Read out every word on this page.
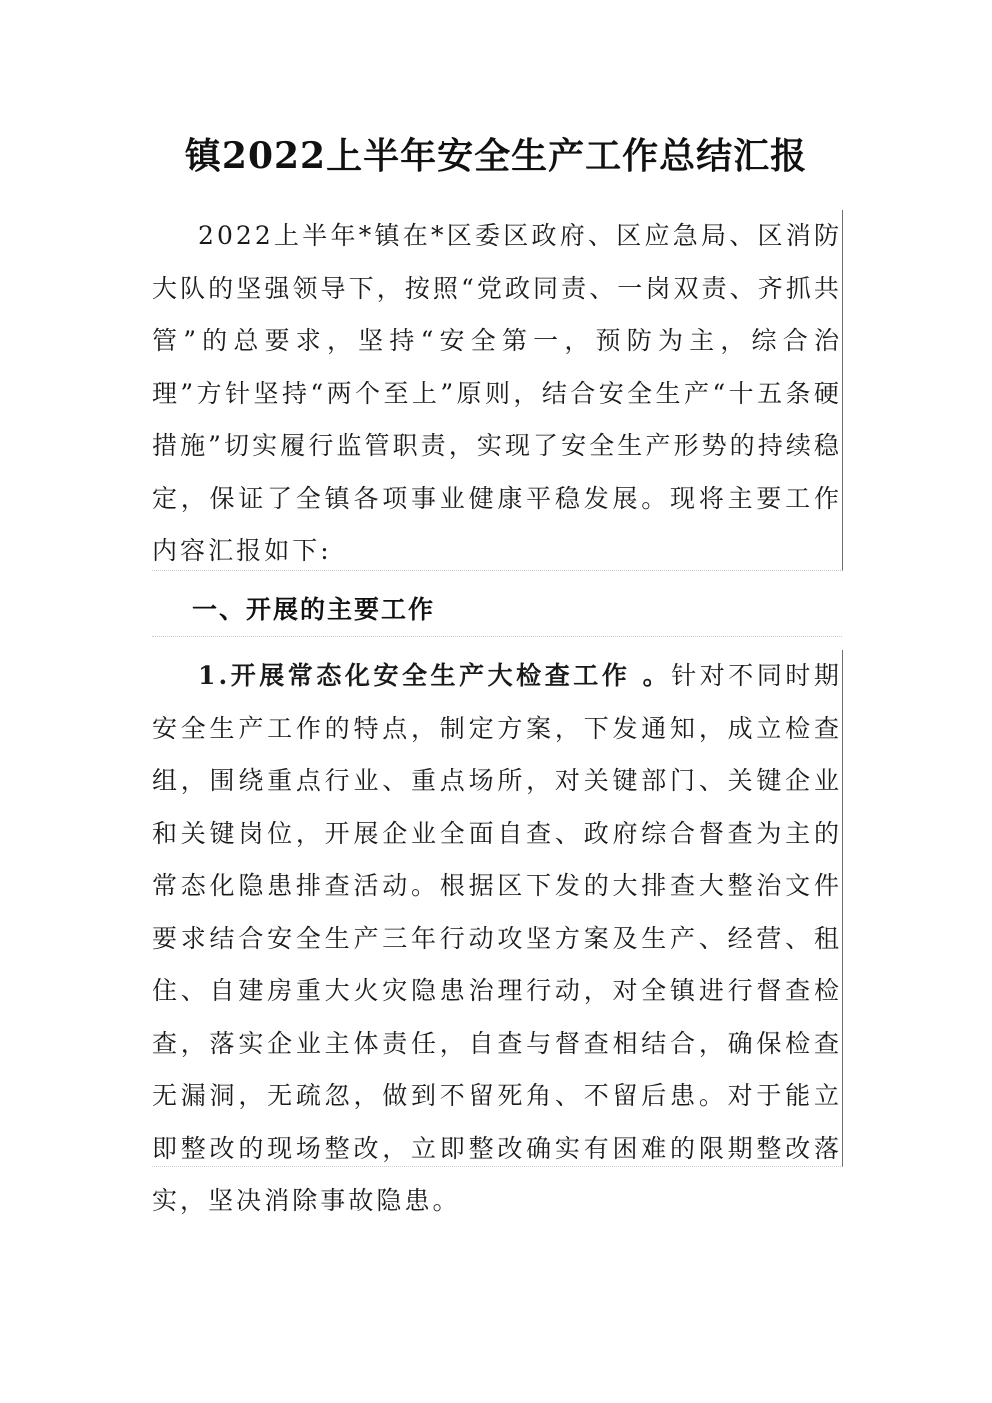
镇2022上半年安全生产工作总结汇报

2022上半年*镇在*区委区政府、区应急局、区消防大队的坚强领导下，按照“党政同责、一岗双责、齐抓共管”的总要求，坚持“安全第一，预防为主，综合治理”方针坚持“两个至上”原则，结合安全生产“十五条硬措施”切实履行监管职责，实现了安全生产形势的持续稳定，保证了全镇各项事业健康平稳发展。现将主要工作内容汇报如下:

一、开展的主要工作

1.开展常态化安全生产大检查工作 。针对不同时期安全生产工作的特点，制定方案，下发通知，成立检查组，围绕重点行业、重点场所，对关键部门、关键企业和关键岗位，开展企业全面自查、政府综合督查为主的常态化隐患排查活动。根据区下发的大排查大整治文件要求结合安全生产三年行动攻坚方案及生产、经营、租住、自建房重大火灾隐患治理行动，对全镇进行督查检查，落实企业主体责任，自查与督查相结合，确保检查无漏洞，无疏忽，做到不留死角、不留后患。对于能立即整改的现场整改，立即整改确实有困难的限期整改落实，坚决消除事故隐患。
